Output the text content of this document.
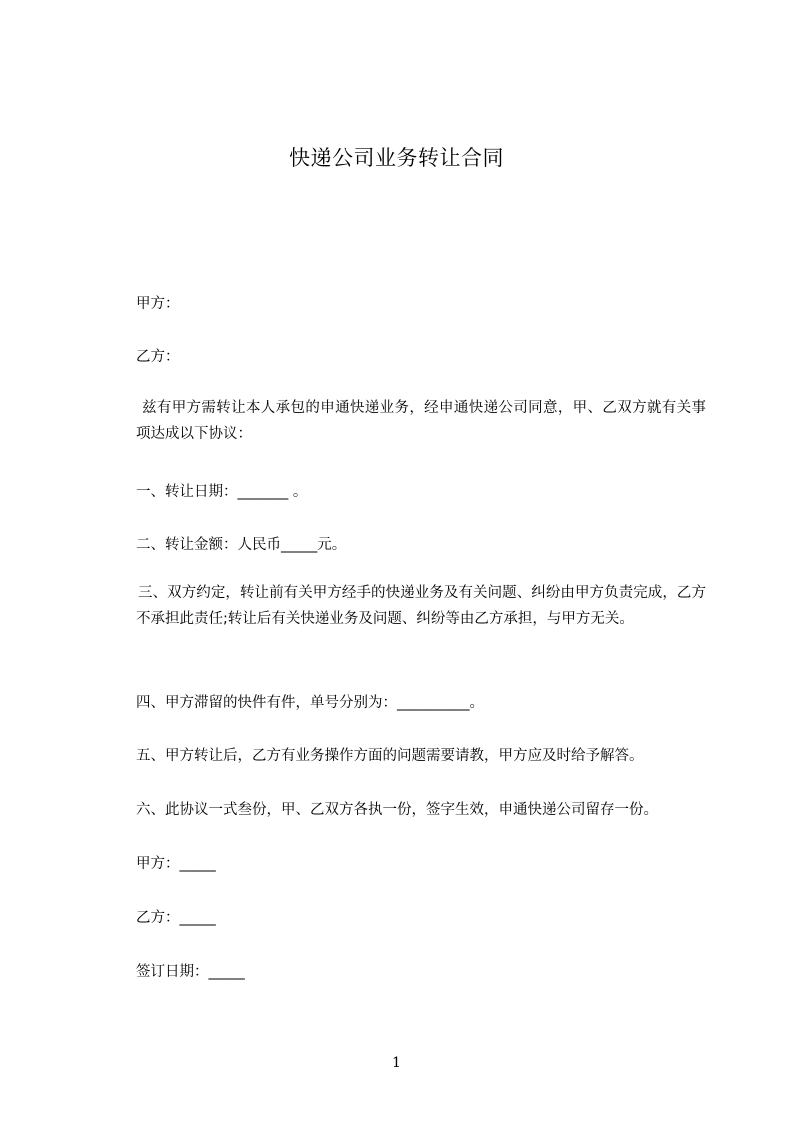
快递公司业务转让合同
甲方：
乙方：
兹有甲方需转让本人承包的申通快递业务，经申通快递公司同意，甲、乙双方就有关事项达成以下协议：
一、转让日期：_______ 。
二、转让金额：人民币_____元。
三、双方约定，转让前有关甲方经手的快递业务及有关问题、纠纷由甲方负责完成，乙方不承担此责任;转让后有关快递业务及问题、纠纷等由乙方承担，与甲方无关。
四、甲方滞留的快件有件，单号分别为：__________。
五、甲方转让后，乙方有业务操作方面的问题需要请教，甲方应及时给予解答。
六、此协议一式叁份，甲、乙双方各执一份，签字生效，申通快递公司留存一份。
甲方：_____
乙方：_____
签订日期：_____
1
